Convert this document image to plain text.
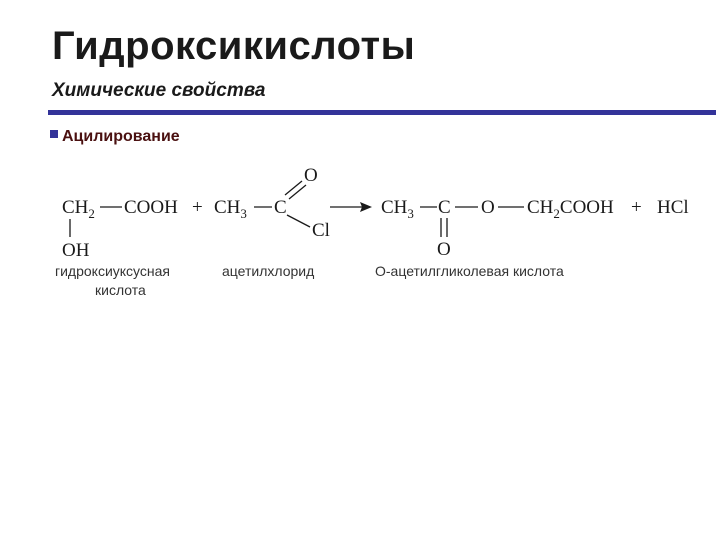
Гидроксикислоты
Химические свойства
Ацилирование
$CH_2$ COOH
OH
+ $CH_3$ C
O
Cl
$CH_3$ C
O
O $CH_2COOH$ + HCl
гидроксиуксусная
кислота
ацетилхлорид	О-ацетилгликолевая кислота
